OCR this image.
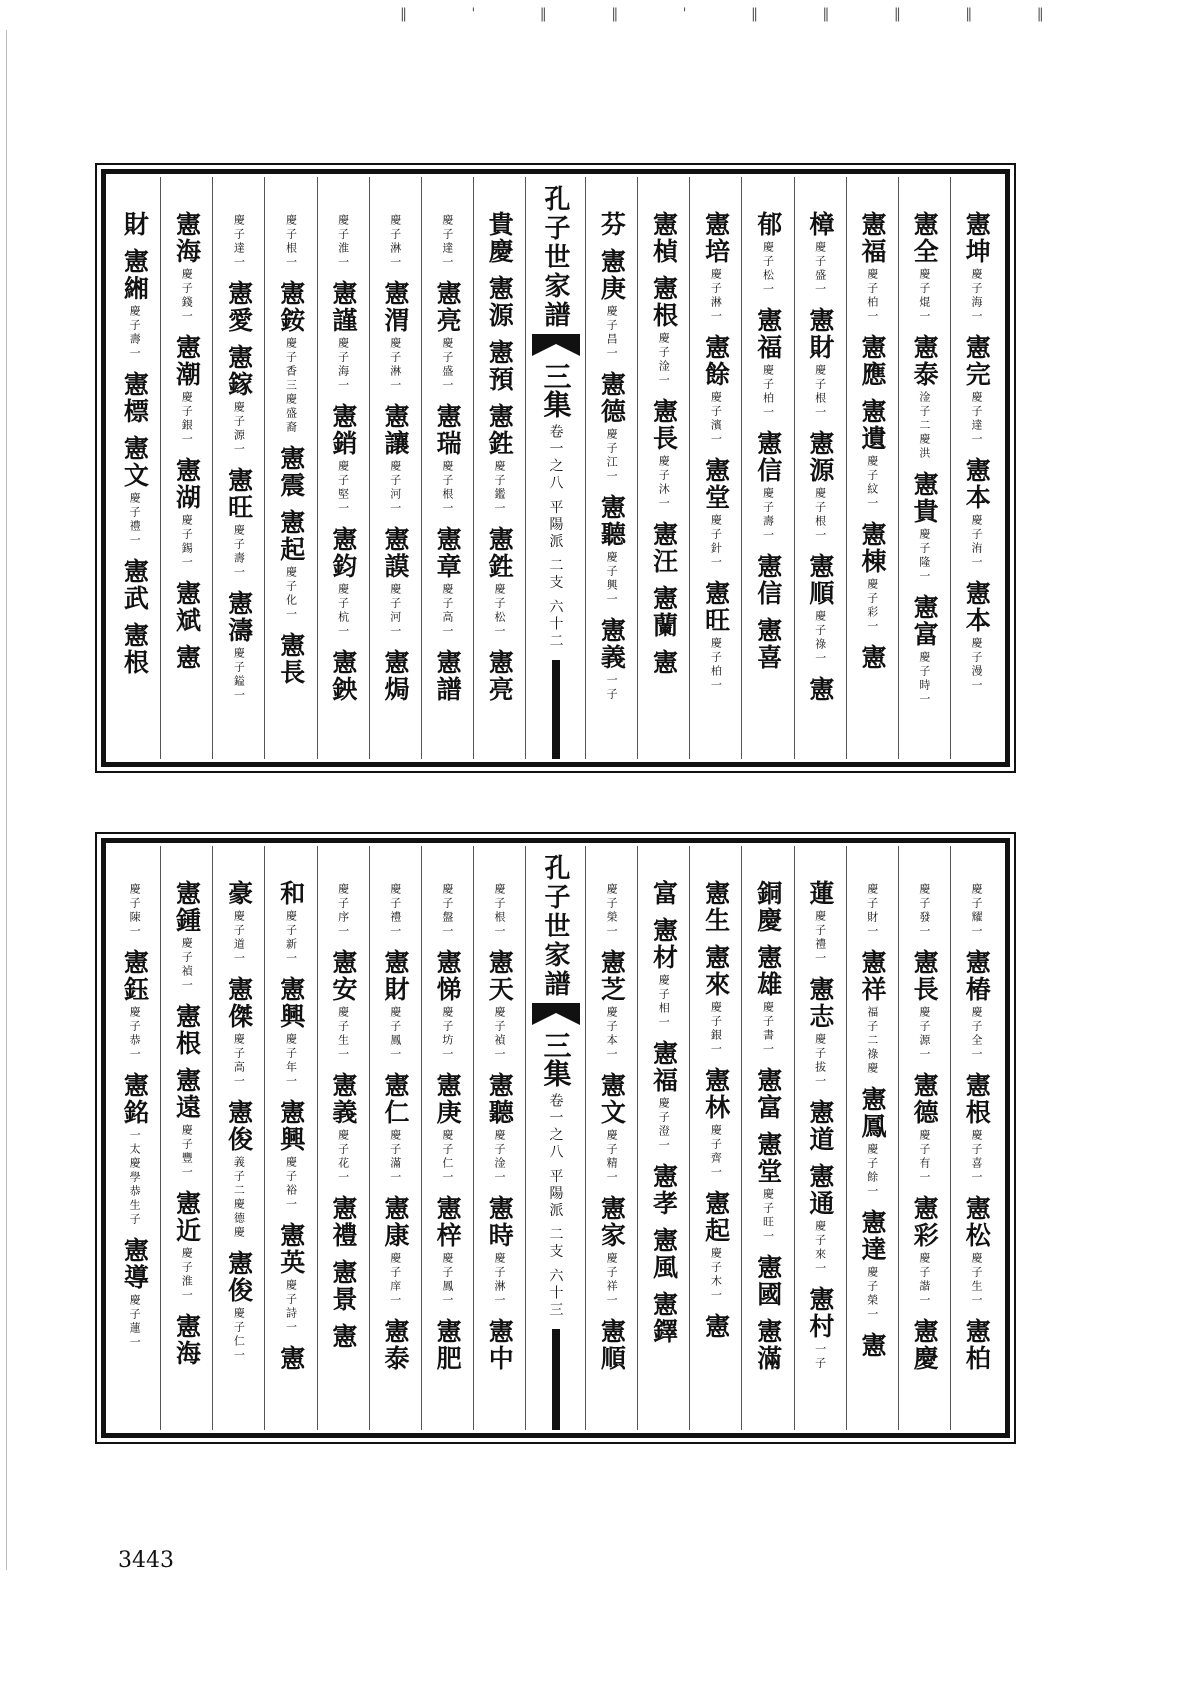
‖ ' ‖ ‖ ' ‖ ‖ ‖ ‖ ‖
憲坤
慶子海一
憲完
慶子達一
憲本
慶子洧一
憲本
慶子漫一
憲全
慶子焜一
憲泰
淦子二慶洪
憲貴
慶子隆一
憲富
慶子時一
憲福
慶子柏一
憲應
憲遺
慶子紋一
憲棟
慶子彩一
憲
樟
慶子盛一
憲財
慶子根一
憲源
慶子根一
憲順
慶子祿一
憲
郁
慶子松一
憲福
慶子柏一
憲信
慶子壽一
憲信
憲喜
憲培
慶子淋一
憲餘
慶子濱一
憲堂
慶子針一
憲旺
慶子柏一
憲楨
憲根
慶子淦一
憲長
慶子沐一
憲汪
憲蘭
憲
芬
憲庚
慶子昌一
憲德
慶子江一
憲聽
慶子興一
憲義
一子
孔子世家譜
三集
卷一之八 平陽派 二支 六十二
貴慶
憲源
憲預
憲鉎
慶子鑑一
憲鉎
慶子松一
憲亮
慶子達一
憲亮
慶子盛一
憲瑞
慶子根一
憲章
慶子高一
憲譜
慶子淋一
憲渭
慶子淋一
憲讓
慶子河一
憲謨
慶子河一
憲焗
慶子淮一
憲謹
慶子海一
憲銷
慶子堅一
憲鈞
慶子杭一
憲鉠
慶子根一
憲銨
慶子香三慶盛裔
憲震
憲起
慶子化一
憲長
慶子達一
憲愛
憲鎵
慶子源一
憲旺
慶子壽一
憲濤
慶子鎰一
憲海
慶子錢一
憲潮
慶子銀一
憲湖
慶子錫一
憲斌
憲
財
憲緗
慶子壽一
憲標
憲文
慶子禮一
憲武
憲根
慶子耀一
憲椿
慶子全一
憲根
慶子喜一
憲松
慶子生一
憲柏
慶子發一
憲長
慶子源一
憲德
慶子有一
憲彩
慶子諧一
憲慶
慶子財一
憲祥
福子二祿慶
憲鳳
慶子餘一
憲達
慶子榮一
憲
蓮
慶子禮一
憲志
慶子拔一
憲道
憲通
慶子來一
憲村
一子
銅慶
憲雄
慶子書一
憲富
憲堂
慶子旺一
憲國
憲滿
憲生
憲來
慶子銀一
憲林
慶子齊一
憲起
慶子木一
憲
富
憲材
慶子相一
憲福
慶子澄一
憲孝
憲風
憲鐸
慶子榮一
憲芝
慶子本一
憲文
慶子精一
憲家
慶子祥一
憲順
孔子世家譜
三集
卷一之八 平陽派 二支 六十三
慶子根一
憲天
慶子禎一
憲聽
慶子淦一
憲時
慶子淋一
憲中
慶子盤一
憲悌
慶子坊一
憲庚
慶子仁一
憲梓
慶子鳳一
憲肥
慶子禮一
憲財
慶子鳳一
憲仁
慶子滿一
憲康
慶子庠一
憲泰
慶子序一
憲安
慶子生一
憲義
慶子花一
憲禮
憲景
憲
和
慶子新一
憲興
慶子年一
憲興
慶子裕一
憲英
慶子詩一
憲
豪
慶子道一
憲傑
慶子高一
憲俊
義子二慶德慶
憲俊
慶子仁一
憲鍾
慶子禎一
憲根
憲遠
慶子豐一
憲近
慶子淮一
憲海
慶子陳一
憲鈺
慶子恭一
憲銘
一太慶學恭生子
憲導
慶子蓮一
3443
